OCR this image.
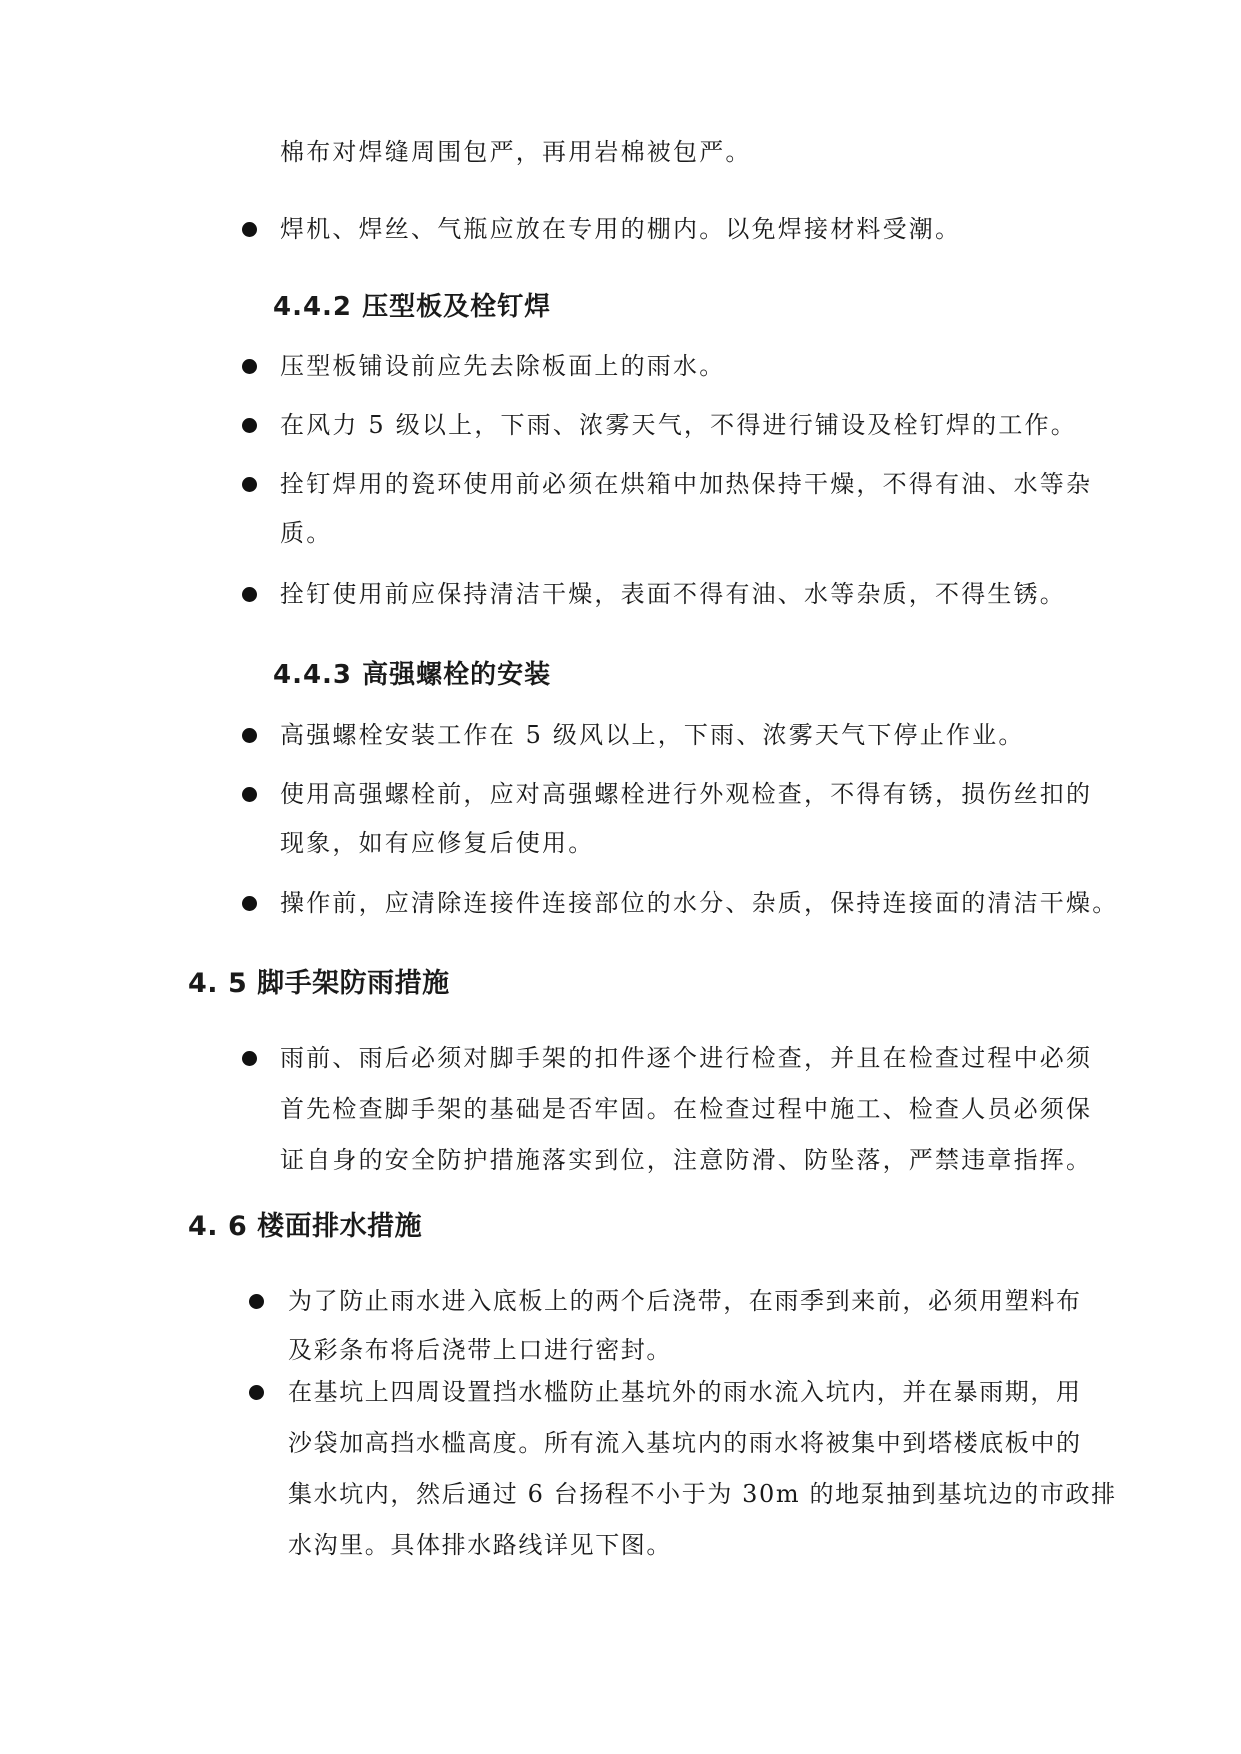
棉布对焊缝周围包严，再用岩棉被包严。
焊机、焊丝、气瓶应放在专用的棚内。以免焊接材料受潮。
4.4.2 压型板及栓钉焊
压型板铺设前应先去除板面上的雨水。
在风力 5 级以上，下雨、浓雾天气，不得进行铺设及栓钉焊的工作。
拴钉焊用的瓷环使用前必须在烘箱中加热保持干燥，不得有油、水等杂
质。
拴钉使用前应保持清洁干燥，表面不得有油、水等杂质，不得生锈。
4.4.3 高强螺栓的安装
高强螺栓安装工作在 5 级风以上，下雨、浓雾天气下停止作业。
使用高强螺栓前，应对高强螺栓进行外观检查，不得有锈，损伤丝扣的
现象，如有应修复后使用。
操作前，应清除连接件连接部位的水分、杂质，保持连接面的清洁干燥。
4. 5 脚手架防雨措施
雨前、雨后必须对脚手架的扣件逐个进行检查，并且在检查过程中必须
首先检查脚手架的基础是否牢固。在检查过程中施工、检查人员必须保
证自身的安全防护措施落实到位，注意防滑、防坠落，严禁违章指挥。
4. 6 楼面排水措施
为了防止雨水进入底板上的两个后浇带，在雨季到来前，必须用塑料布
及彩条布将后浇带上口进行密封。
在基坑上四周设置挡水槛防止基坑外的雨水流入坑内，并在暴雨期，用
沙袋加高挡水槛高度。所有流入基坑内的雨水将被集中到塔楼底板中的
集水坑内，然后通过 6 台扬程不小于为 30m 的地泵抽到基坑边的市政排
水沟里。具体排水路线详见下图。
